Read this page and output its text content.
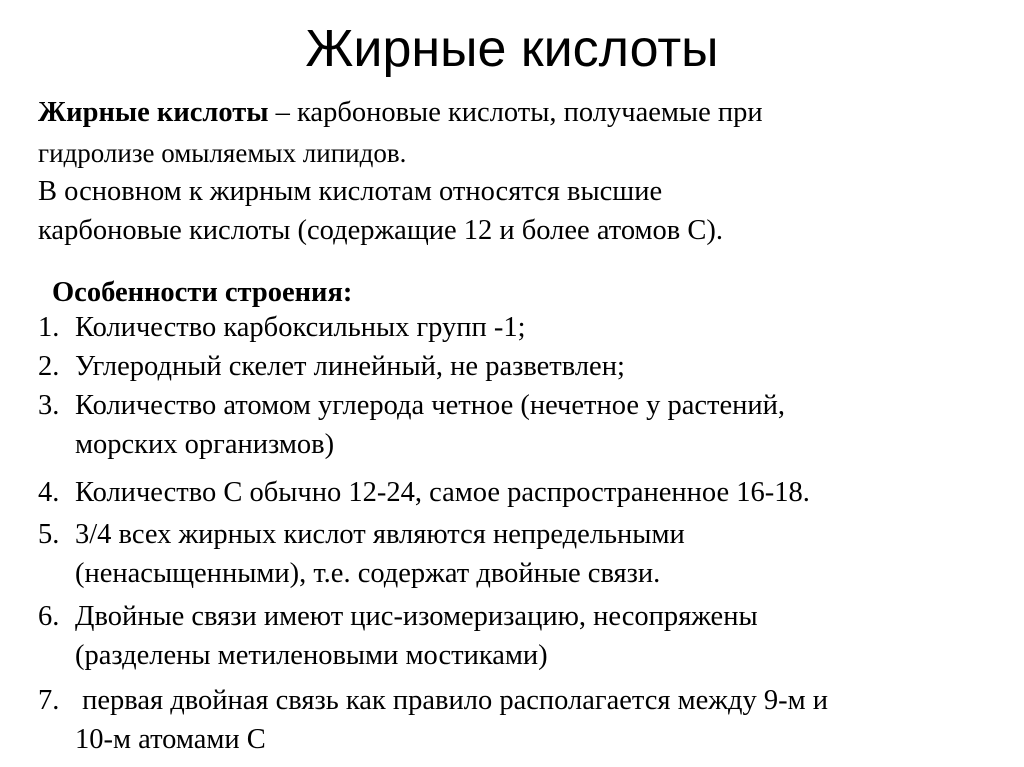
Жирные кислоты
Жирные кислоты – карбоновые кислоты, получаемые при
гидролизе омыляемых липидов.
В основном к жирным кислотам относятся высшие
карбоновые кислоты (содержащие 12 и более атомов С).
Особенности строения:
1. Количество карбоксильных групп -1;
2. Углеродный скелет линейный, не разветвлен;
3. Количество атомом углерода четное (нечетное у растений,
морских организмов)
4. Количество С обычно 12-24, самое распространенное 16-18.
5. 3/4 всех жирных кислот являются непредельными
(ненасыщенными), т.е. содержат двойные связи.
6. Двойные связи имеют цис-изомеризацию, несопряжены
(разделены метиленовыми мостиками)
7. первая двойная связь как правило располагается между 9-м и
10-м атомами С
